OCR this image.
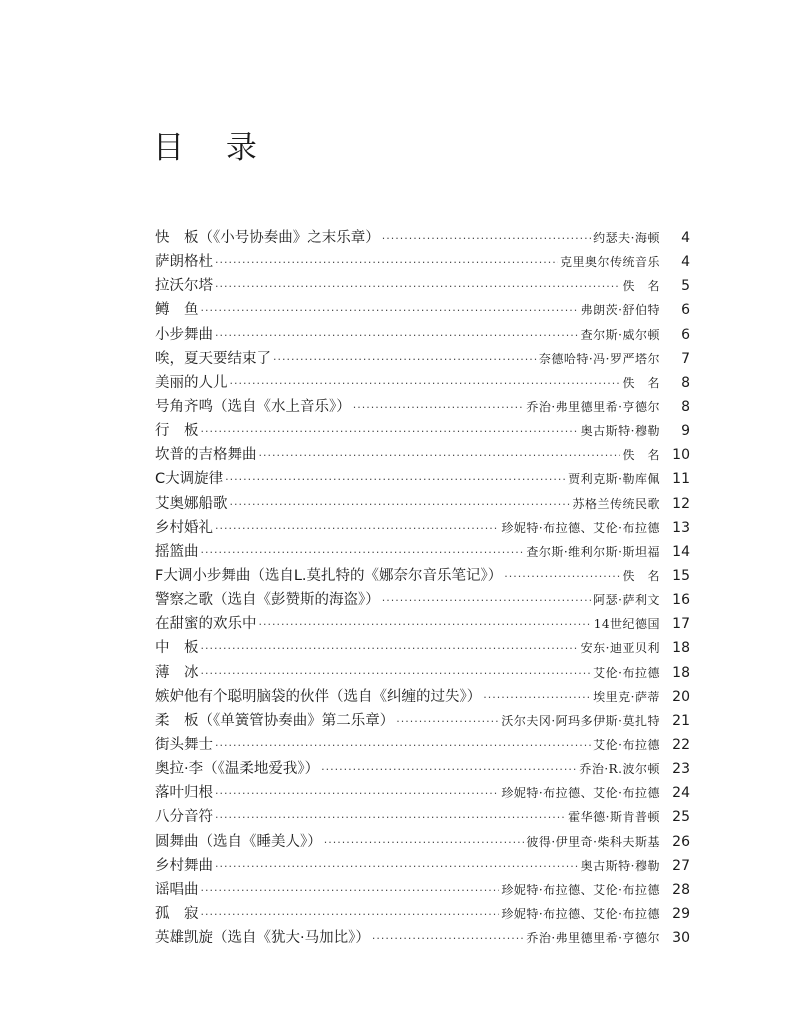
目 录
快　板（《小号协奏曲》之末乐章） ·····	约瑟夫·海顿	4
萨朗格杜 ·····	克里奥尔传统音乐	4
拉沃尔塔 ·····	佚　名	5
鳟　鱼 ·····	弗朗茨·舒伯特	6
小步舞曲 ·····	查尔斯·威尔顿	6
唉，夏天要结束了 ·····	奈德哈特·冯·罗严塔尔	7
美丽的人儿 ·····	佚　名	8
号角齐鸣（选自《水上音乐》） ·····	乔治·弗里德里希·亨德尔	8
行　板 ·····	奥古斯特·穆勒	9
坎普的吉格舞曲 ·····	佚　名 10
C大调旋律 ·····	贾利克斯·勒库佩 11
艾奥娜船歌 ·····	苏格兰传统民歌 12
乡村婚礼 ·····	珍妮特·布拉德、艾伦·布拉德 13
摇篮曲 ·····	查尔斯·维利尔斯·斯坦福 14
F大调小步舞曲（选自L.莫扎特的《娜奈尔音乐笔记》） ·····	佚　名 15
警察之歌（选自《彭赞斯的海盗》） ·····	阿瑟·萨利文 16
在甜蜜的欢乐中 ·····	14世纪德国 17
中　板 ·····	安东·迪亚贝利 18
薄　冰 ·····	艾伦·布拉德 18
嫉妒他有个聪明脑袋的伙伴（选自《纠缠的过失》） ·····	埃里克·萨蒂 20
柔　板（《单簧管协奏曲》第二乐章） ·····	沃尔夫冈·阿玛多伊斯·莫扎特 21
街头舞士 ·····	艾伦·布拉德 22
奥拉·李（《温柔地爱我》） ·····	乔治·R.波尔顿 23
落叶归根 ·····	珍妮特·布拉德、艾伦·布拉德 24
八分音符 ·····	霍华德·斯肯普顿 25
圆舞曲（选自《睡美人》） ·····	彼得·伊里奇·柴科夫斯基 26
乡村舞曲 ·····	奥古斯特·穆勒 27
谣唱曲 ·····	珍妮特·布拉德、艾伦·布拉德 28
孤　寂 ·····	珍妮特·布拉德、艾伦·布拉德 29
英雄凯旋（选自《犹大·马加比》） ·····	乔治·弗里德里希·亨德尔 30
